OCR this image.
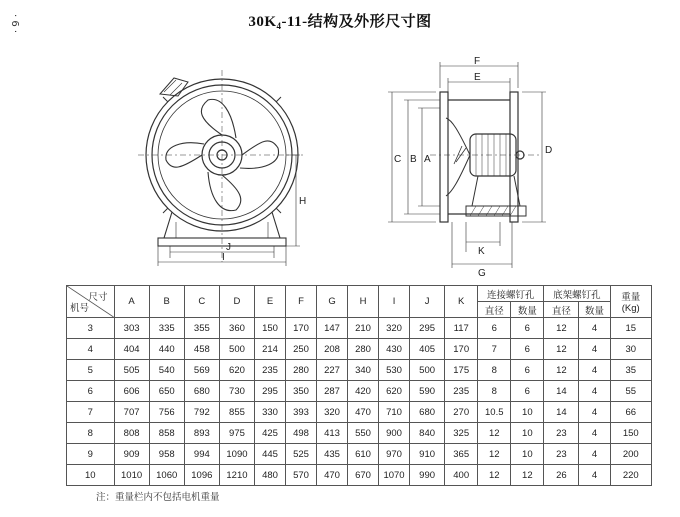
· 6 ·	$30K_4-11-$结构及外形尺寸图
H
J
I
F
E
C B A
D
K
G
尺寸
机号	A	B	C	D	E	F	G	H	I	J	K	连接螺钉孔		底架螺钉孔		重量
(Kg)
												直径	数量	直径	数量	
3	303	335	355	360	150	170	147	210	320	295	117	6	6	12	4	15
4	404	440	458	500	214	250	208	280	430	405	170	7	6	12	4	30
5	505	540	569	620	235	280	227	340	530	500	175	8	6	12	4	35
6	606	650	680	730	295	350	287	420	620	590	235	8	6	14	4	55
7	707	756	792	855	330	393	320	470	710	680	270	10.5	10	14	4	66
8	808	858	893	975	425	498	413	550	900	840	325	12	10	23	4	150
9	909	958	994	1090	445	525	435	610	970	910	365	12	10	23	4	200
10	1010	1060	1096	1210	480	570	470	670	1070	990	400	12	12	26	4	220
注：重量栏内不包括电机重量
